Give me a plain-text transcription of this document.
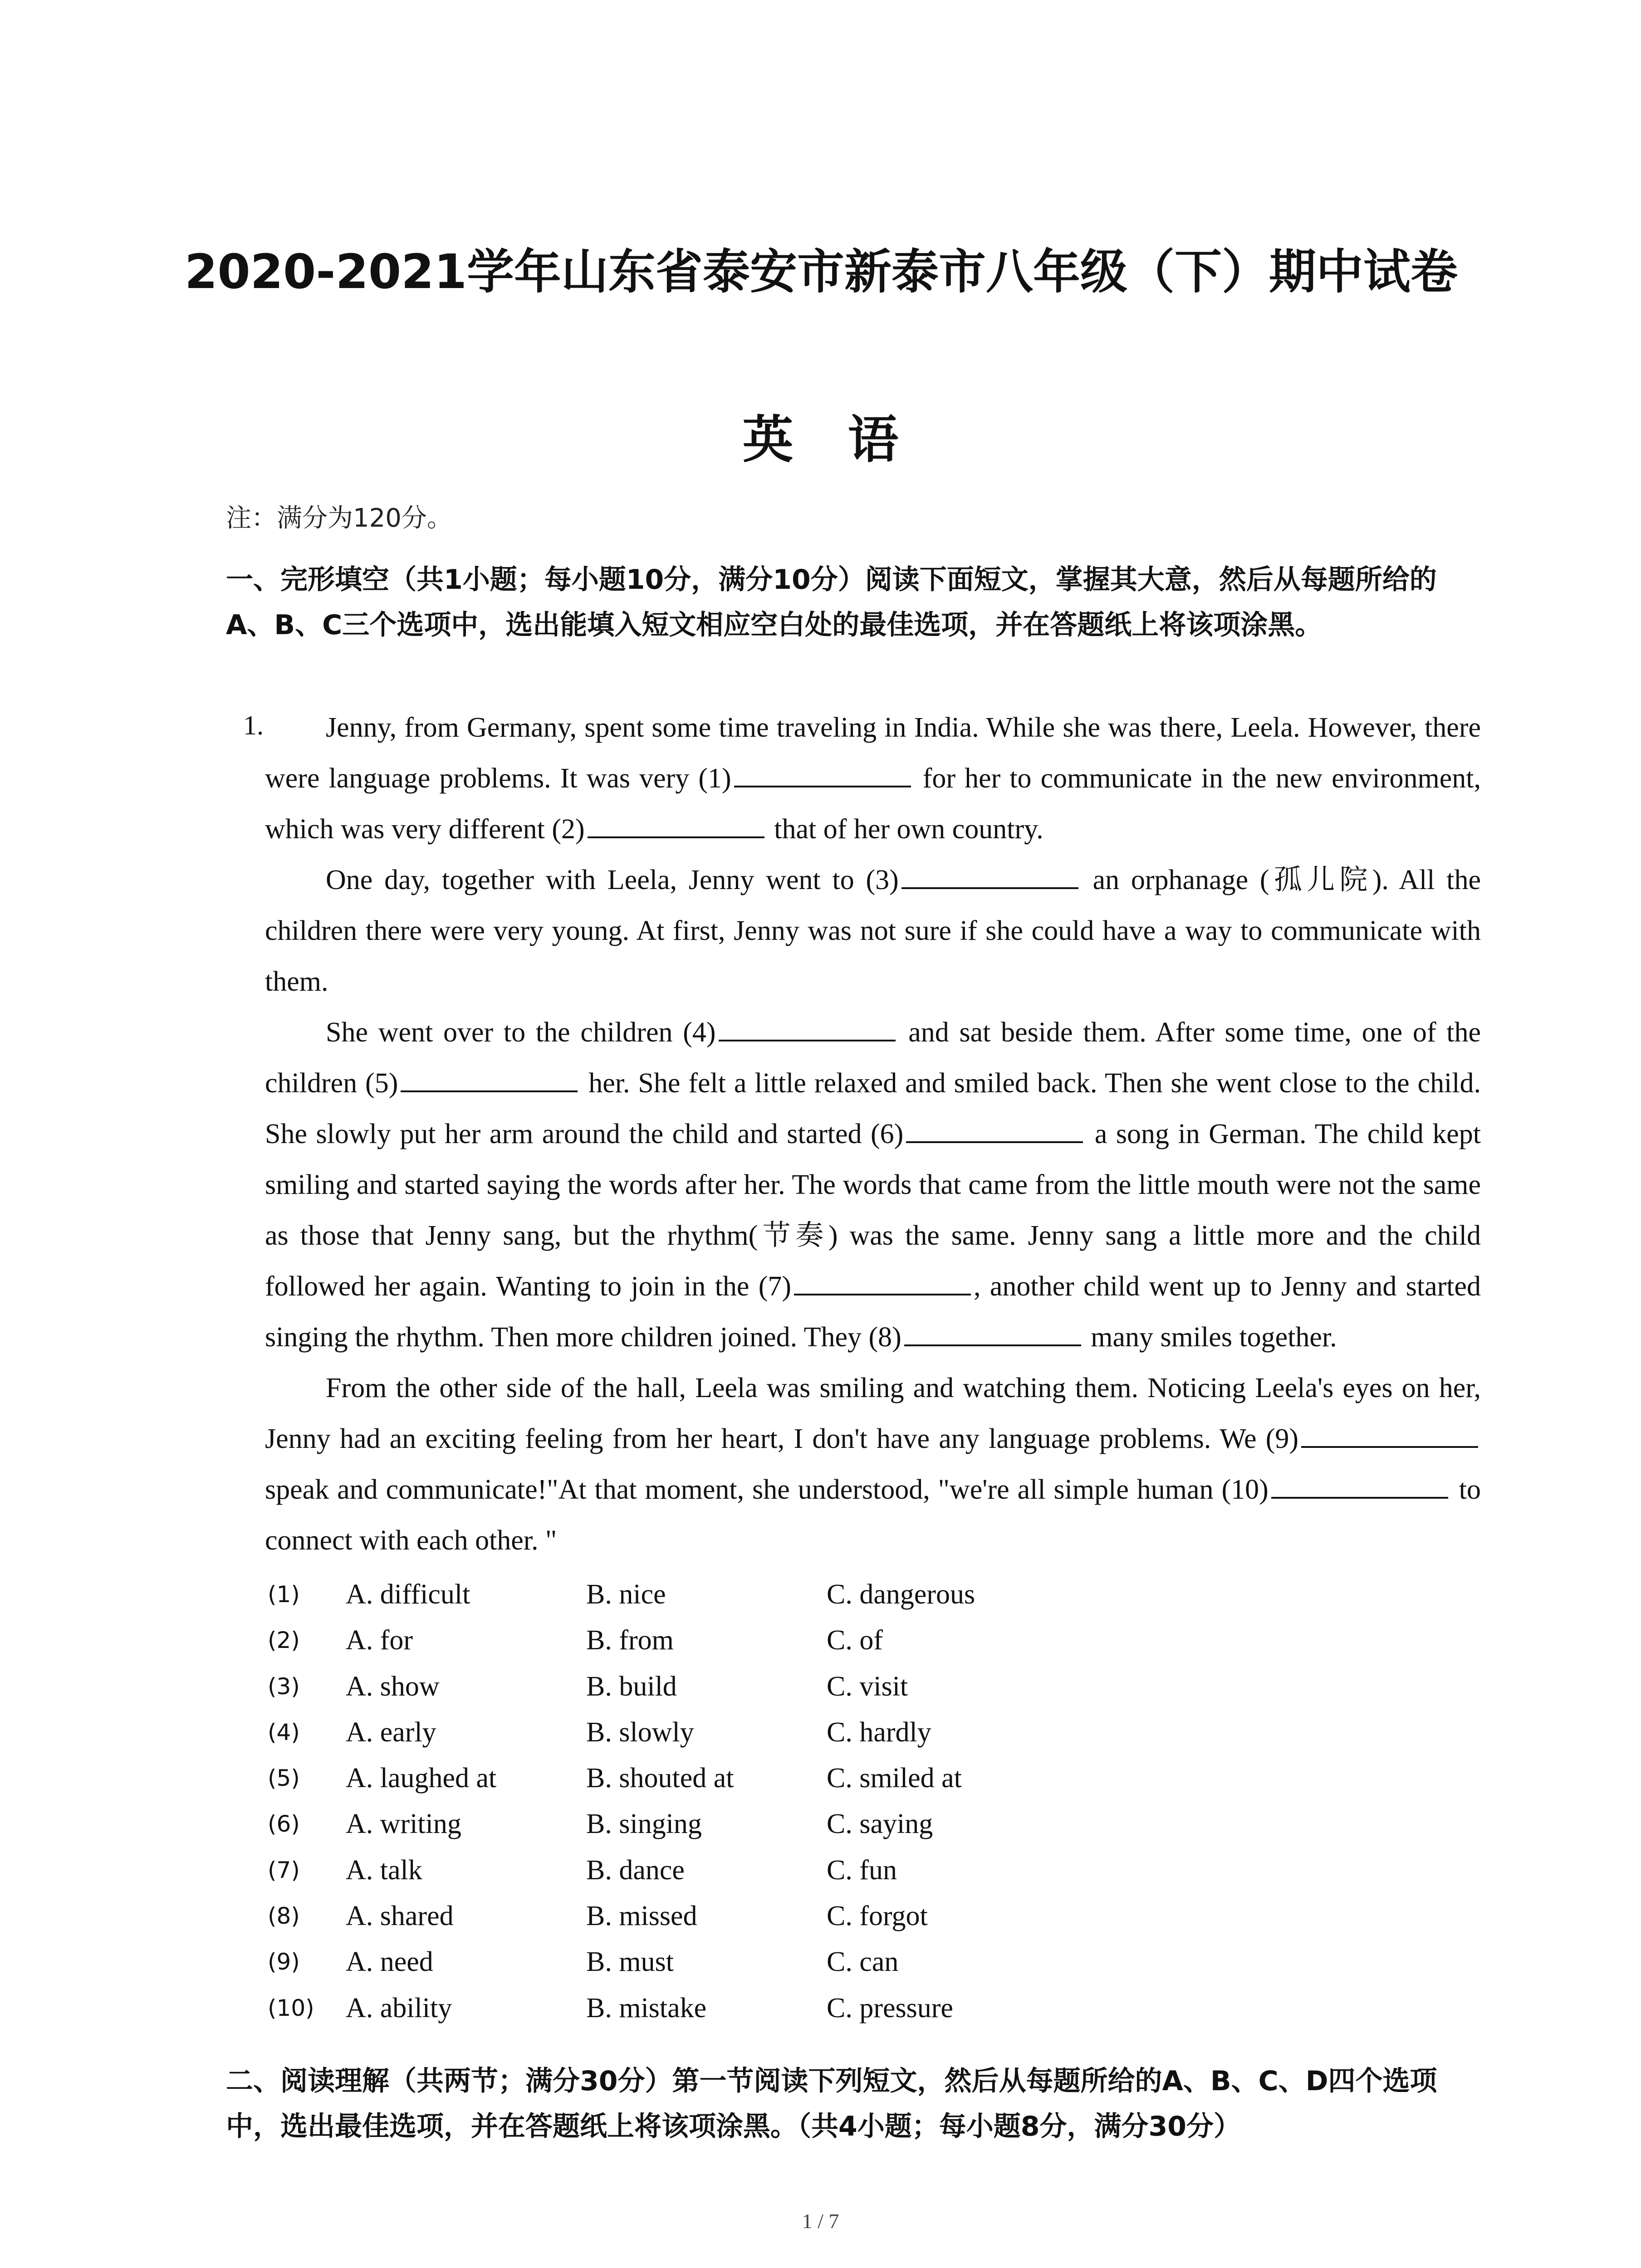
2020-2021学年山东省泰安市新泰市八年级（下）期中试卷
英语
注：满分为120分。
一、完形填空（共1小题；每小题10分，满分10分）阅读下面短文，掌握其大意，然后从每题所给的A、B、C三个选项中，选出能填入短文相应空白处的最佳选项，并在答题纸上将该项涂黑。
1.	Jenny, from Germany, spent some time traveling in India. While she was there, Leela. However, there were language problems. It was very (1)	for her to communicate in the new environment, which was very different (2)	that of her own country.

One day, together with Leela, Jenny went to (3)	an orphanage (孤儿院). All the children there were very young. At first, Jenny was not sure if she could have a way to communicate with them.

She went over to the children (4)	and sat beside them. After some time, one of the children (5)	her. She felt a little relaxed and smiled back. Then she went close to the child. She slowly put her arm around the child and started (6)	a song in German. The child kept smiling and started saying the words after her. The words that came from the little mouth were not the same as those that Jenny sang, but the rhythm(节奏) was the same. Jenny sang a little more and the child followed her again. Wanting to join in the (7)	, another child went up to Jenny and started singing the rhythm. Then more children joined. They (8)	many smiles together.

From the other side of the hall, Leela was smiling and watching them. Noticing Leela's eyes on her, Jenny had an exciting feeling from her heart, I don't have any language problems. We (9) speak and communicate!"At that moment, she understood, "we're all simple human (10)	to connect with each other. "

(1) A. difficult	B. nice	C. dangerous
(2) A. for	B. from	C. of
(3) A. show	B. build	C. visit
(4) A. early	B. slowly	C. hardly
(5) A. laughed at	B. shouted at	C. smiled at
(6) A. writing	B. singing	C. saying
(7) A. talk	B. dance	C. fun
(8) A. shared	B. missed	C. forgot
(9) A. need	B. must	C. can
(10) A. ability	B. mistake	C. pressure
二、阅读理解（共两节；满分30分）第一节阅读下列短文，然后从每题所给的A、B、C、D四个选项中，选出最佳选项，并在答题纸上将该项涂黑。（共4小题；每小题8分，满分30分）
1 / 7
